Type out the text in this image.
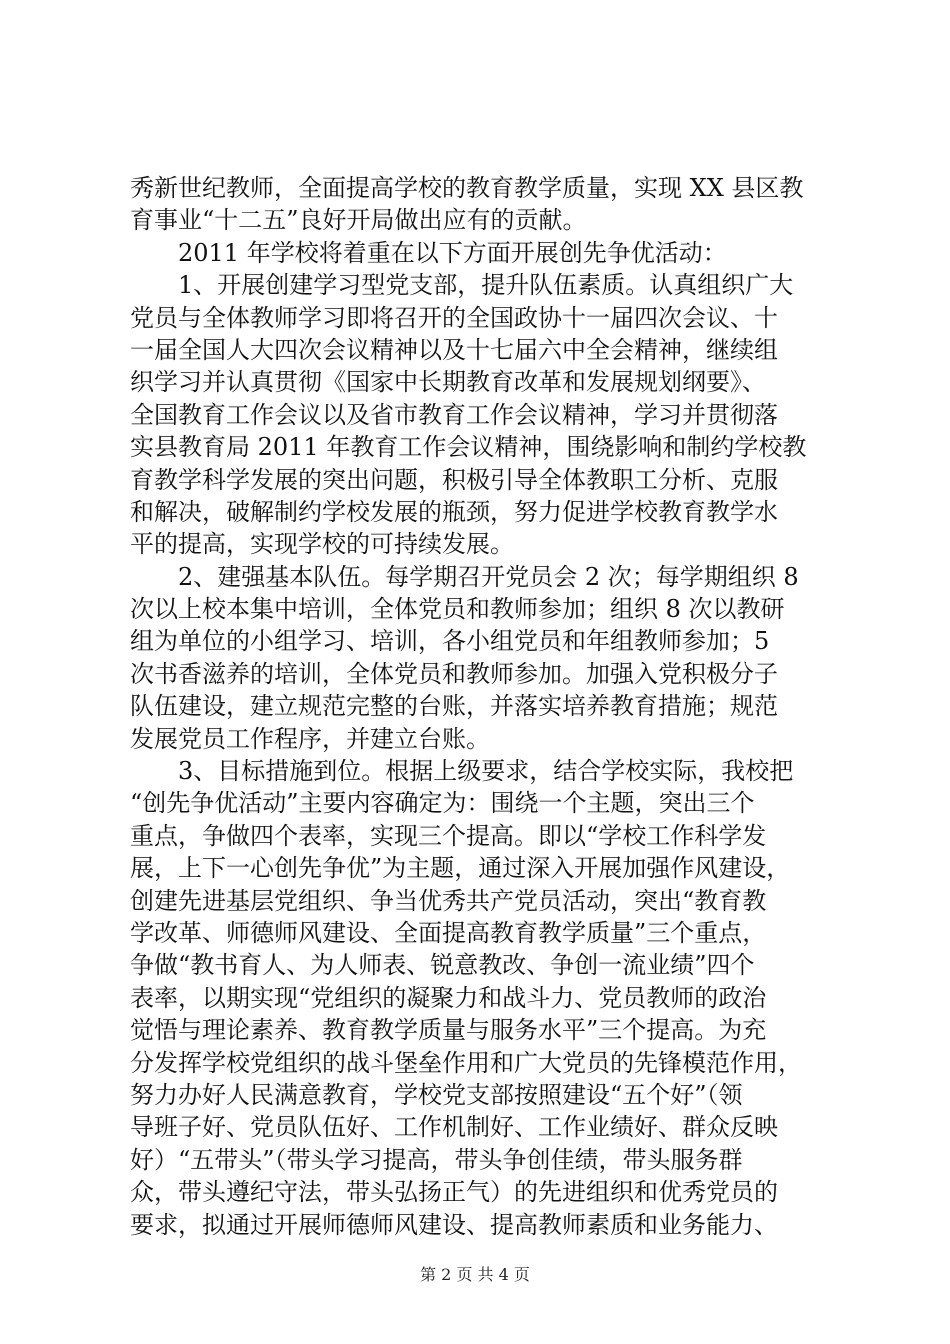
秀新世纪教师，全面提高学校的教育教学质量，实现 XX 县区教
育事业“十二五”良好开局做出应有的贡献。
2011 年学校将着重在以下方面开展创先争优活动：
1、开展创建学习型党支部，提升队伍素质。认真组织广大
党员与全体教师学习即将召开的全国政协十一届四次会议、十
一届全国人大四次会议精神以及十七届六中全会精神，继续组
织学习并认真贯彻《国家中长期教育改革和发展规划纲要》、
全国教育工作会议以及省市教育工作会议精神，学习并贯彻落
实县教育局 2011 年教育工作会议精神，围绕影响和制约学校教
育教学科学发展的突出问题，积极引导全体教职工分析、克服
和解决，破解制约学校发展的瓶颈，努力促进学校教育教学水
平的提高，实现学校的可持续发展。
2、建强基本队伍。每学期召开党员会 2 次；每学期组织 8
次以上校本集中培训，全体党员和教师参加；组织 8 次以教研
组为单位的小组学习、培训，各小组党员和年组教师参加；5
次书香滋养的培训，全体党员和教师参加。加强入党积极分子
队伍建设，建立规范完整的台账，并落实培养教育措施；规范
发展党员工作程序，并建立台账。
3、目标措施到位。根据上级要求，结合学校实际，我校把
“创先争优活动”主要内容确定为：围绕一个主题，突出三个
重点，争做四个表率，实现三个提高。即以“学校工作科学发
展，上下一心创先争优”为主题，通过深入开展加强作风建设，
创建先进基层党组织、争当优秀共产党员活动，突出“教育教
学改革、师德师风建设、全面提高教育教学质量”三个重点，
争做“教书育人、为人师表、锐意教改、争创一流业绩”四个
表率，以期实现“党组织的凝聚力和战斗力、党员教师的政治
觉悟与理论素养、教育教学质量与服务水平”三个提高。为充
分发挥学校党组织的战斗堡垒作用和广大党员的先锋模范作用，
努力办好人民满意教育，学校党支部按照建设“五个好”（领
导班子好、党员队伍好、工作机制好、工作业绩好、群众反映
好）“五带头”（带头学习提高，带头争创佳绩，带头服务群
众，带头遵纪守法，带头弘扬正气）的先进组织和优秀党员的
要求，拟通过开展师德师风建设、提高教师素质和业务能力、
第 2 页 共 4 页
